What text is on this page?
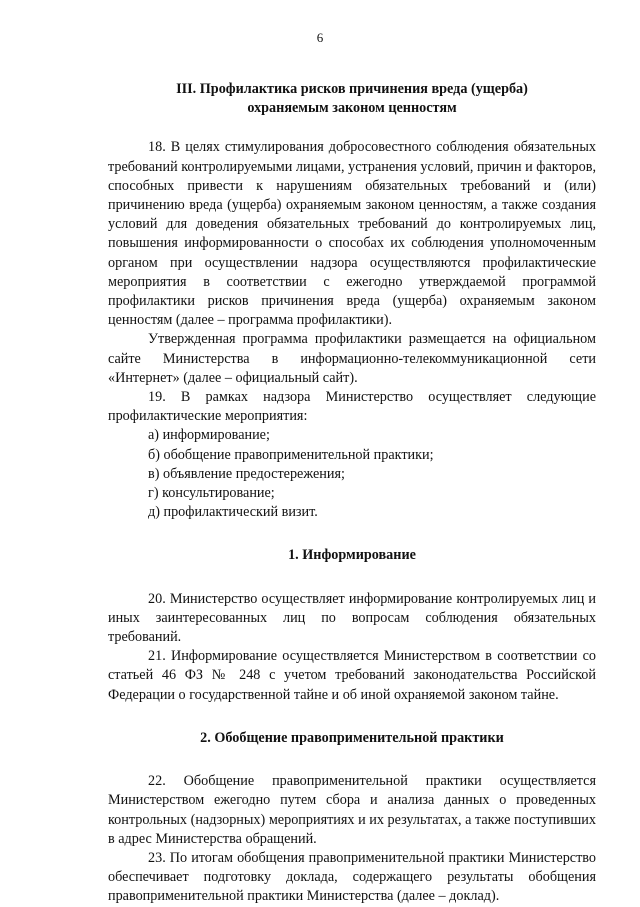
6

III. Профилактика рисков причинения вреда (ущерба)

охраняемым законом ценностям

18. В целях стимулирования добросовестного соблюдения обязательных требований контролируемыми лицами, устранения условий, причин и факторов, способных привести к нарушениям обязательных требований и (или) причинению вреда (ущерба) охраняемым законом ценностям, а также создания условий для доведения обязательных требований до контролируемых лиц, повышения информированности о способах их соблюдения уполномоченным органом при осуществлении надзора осуществляются профилактические мероприятия в соответствии с ежегодно утверждаемой программой профилактики рисков причинения вреда (ущерба) охраняемым законом ценностям (далее – программа профилактики).

Утвержденная программа профилактики размещается на официальном сайте Министерства в информационно-телекоммуникационной сети «Интернет» (далее – официальный сайт).

19. В рамках надзора Министерство осуществляет следующие профилактические мероприятия:

а) информирование;

б) обобщение правоприменительной практики;

в) объявление предостережения;

г) консультирование;

д) профилактический визит.

1. Информирование

20. Министерство осуществляет информирование контролируемых лиц и иных заинтересованных лиц по вопросам соблюдения обязательных требований.

21. Информирование осуществляется Министерством в соответствии со статьей 46 ФЗ № 248 с учетом требований законодательства Российской Федерации о государственной тайне и об иной охраняемой законом тайне.

2. Обобщение правоприменительной практики

22. Обобщение правоприменительной практики осуществляется Министерством ежегодно путем сбора и анализа данных о проведенных контрольных (надзорных) мероприятиях и их результатах, а также поступивших в адрес Министерства обращений.

23. По итогам обобщения правоприменительной практики Министерство обеспечивает подготовку доклада, содержащего результаты обобщения правоприменительной практики Министерства (далее – доклад).
